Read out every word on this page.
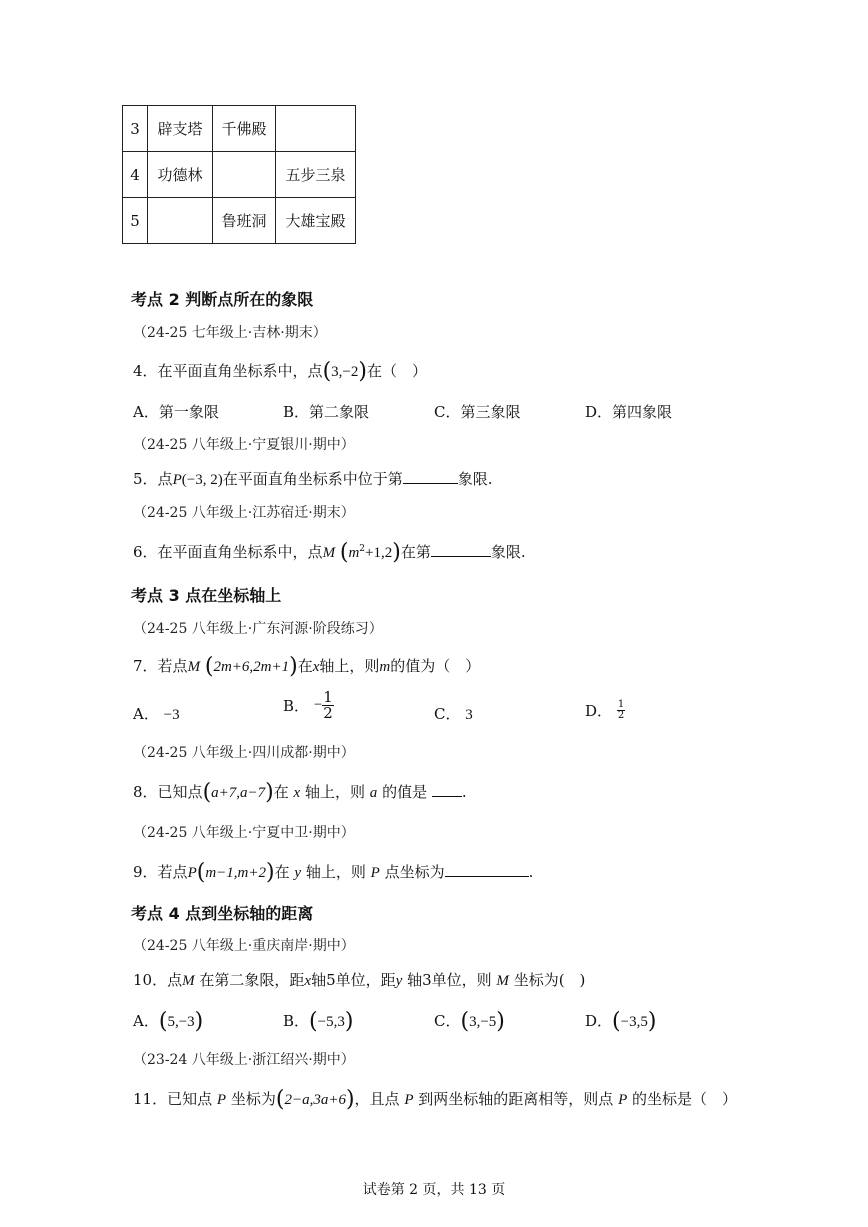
3	辟支塔	千佛殿	
4	功德林		五步三泉
5		鲁班洞	大雄宝殿
考点 2 判断点所在的象限
（24-25 七年级上·吉林·期末）
4．在平面直角坐标系中，点(3,−2)在（　）
A．第一象限	B．第二象限	C．第三象限	D．第四象限
（24-25 八年级上·宁夏银川·期中）
5．点P(−3, 2)在平面直角坐标系中位于第	象限.
（24-25 八年级上·江苏宿迁·期末）
6．在平面直角坐标系中，点M $(m^2+1,2)$在第	象限.
考点 3 点在坐标轴上
（24-25 八年级上·广东河源·阶段练习）
7．若点M (2m+6,2m+1)在x轴上，则m的值为（　）
A． −3	B． − $\frac{1}{2}$	C． 3	D． $\frac{1}{2}$
（24-25 八年级上·四川成都·期中）
8．已知点(a+7,a−7)在 x 轴上，则 a 的值是 .
（24-25 八年级上·宁夏中卫·期中）
9．若点P(m−1,m+2)在 y 轴上，则 P 点坐标为	.
考点 4 点到坐标轴的距离
（24-25 八年级上·重庆南岸·期中）
10．点M 在第二象限，距x轴5单位，距y 轴3单位，则 M 坐标为(　)
A．(5,−3)	B．(−5,3)	C．(3,−5)	D．(−3,5)
（23-24 八年级上·浙江绍兴·期中）
11．已知点 P 坐标为(2−a,3a+6)，且点 P 到两坐标轴的距离相等，则点 P 的坐标是（　）
试卷第 2 页，共 13 页
